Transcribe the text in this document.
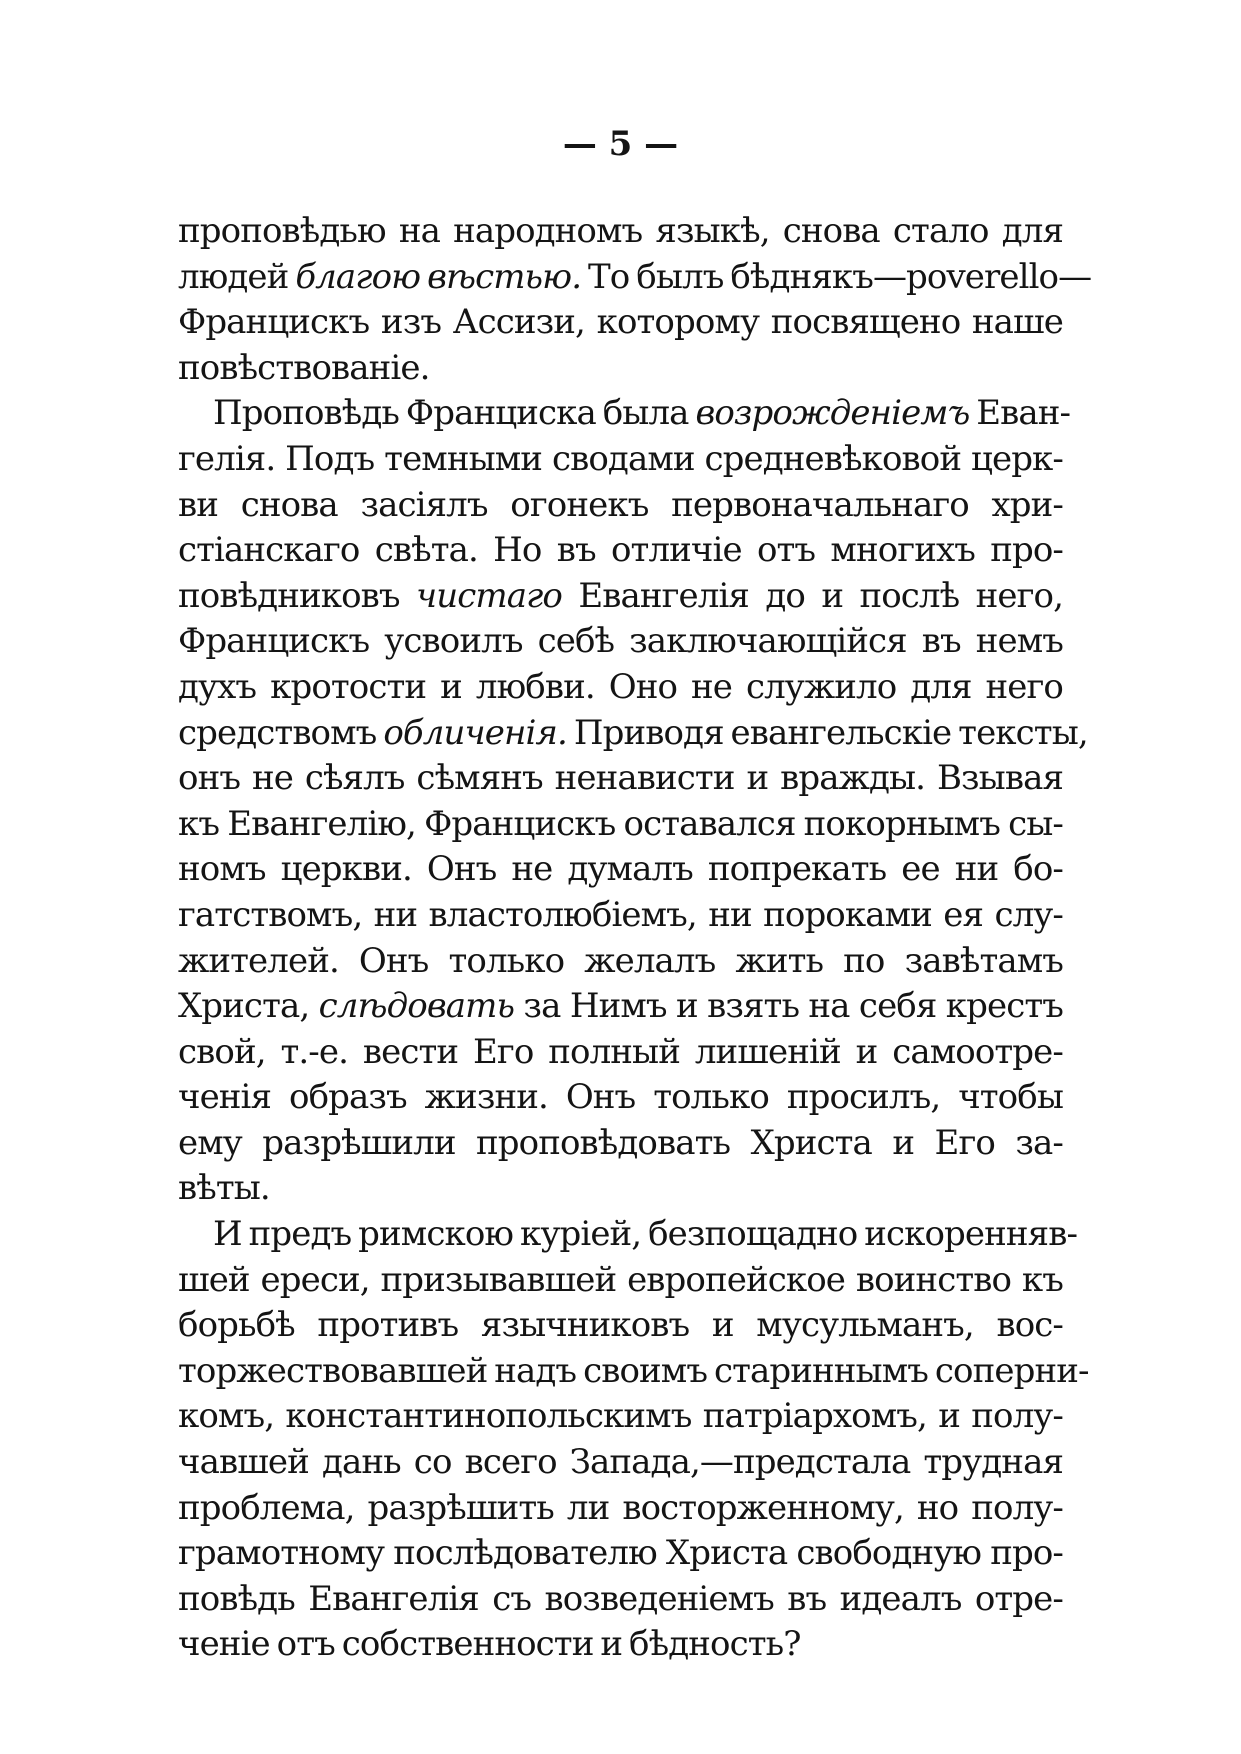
— 5 —
проповѣдью на народномъ языкѣ, снова стало для
людей благою вѣстью. То былъ бѣднякъ—poverello—
Францискъ изъ Ассизи, которому посвящено наше
повѣствованіе.
Проповѣдь Франциска была возрожденіемъ Еван-
гелія. Подъ темными сводами средневѣковой церк-
ви снова засіялъ огонекъ первоначальнаго хри-
стіанскаго свѣта. Но въ отличіе отъ многихъ про-
повѣдниковъ чистаго Евангелія до и послѣ него,
Францискъ усвоилъ себѣ заключающійся въ немъ
духъ кротости и любви. Оно не служило для него
средствомъ обличенія. Приводя евангельскіе тексты,
онъ не сѣялъ сѣмянъ ненависти и вражды. Взывая
къ Евангелію, Францискъ оставался покорнымъ сы-
номъ церкви. Онъ не думалъ попрекать ее ни бо-
гатствомъ, ни властолюбіемъ, ни пороками ея слу-
жителей. Онъ только желалъ жить по завѣтамъ
Христа, слѣдовать за Нимъ и взять на себя крестъ
свой, т.-е. вести Его полный лишеній и самоотре-
ченія образъ жизни. Онъ только просилъ, чтобы
ему разрѣшили проповѣдовать Христа и Его за-
вѣты.
И предъ римскою куріей, безпощадно искоренняв-
шей ереси, призывавшей европейское воинство къ
борьбѣ противъ язычниковъ и мусульманъ, вос-
торжествовавшей надъ своимъ стариннымъ соперни-
комъ, константинопольскимъ патріархомъ, и полу-
чавшей дань со всего Запада,—предстала трудная
проблема, разрѣшить ли восторженному, но полу-
грамотному послѣдователю Христа свободную про-
повѣдь Евангелія съ возведеніемъ въ идеалъ отре-
ченіе отъ собственности и бѣдность?
